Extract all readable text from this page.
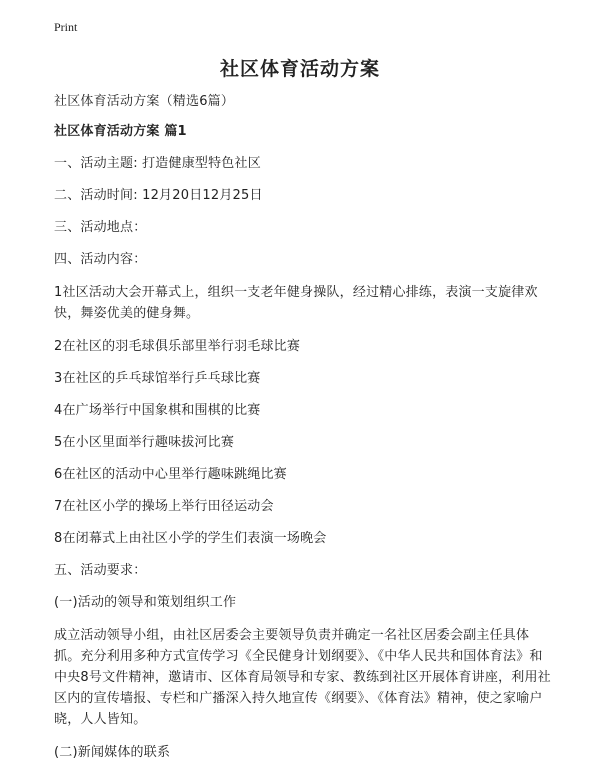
Print
社区体育活动方案

社区体育活动方案（精选6篇）

社区体育活动方案 篇1

一、活动主题: 打造健康型特色社区

二、活动时间: 12月20日12月25日

三、活动地点：

四、活动内容：

1社区活动大会开幕式上，组织一支老年健身操队，经过精心排练，表演一支旋律欢快，舞姿优美的健身舞。

2在社区的羽毛球俱乐部里举行羽毛球比赛

3在社区的乒乓球馆举行乒乓球比赛

4在广场举行中国象棋和围棋的比赛

5在小区里面举行趣味拔河比赛

6在社区的活动中心里举行趣味跳绳比赛

7在社区小学的操场上举行田径运动会

8在闭幕式上由社区小学的学生们表演一场晚会

五、活动要求：

(一)活动的领导和策划组织工作

成立活动领导小组，由社区居委会主要领导负责并确定一名社区居委会副主任具体抓。充分利用多种方式宣传学习《全民健身计划纲要》、《中华人民共和国体育法》和中央8号文件精神，邀请市、区体育局领导和专家、教练到社区开展体育讲座，利用社区内的宣传墙报、专栏和广播深入持久地宣传《纲要》、《体育法》精神，使之家喻户晓，人人皆知。

(二)新闻媒体的联系
